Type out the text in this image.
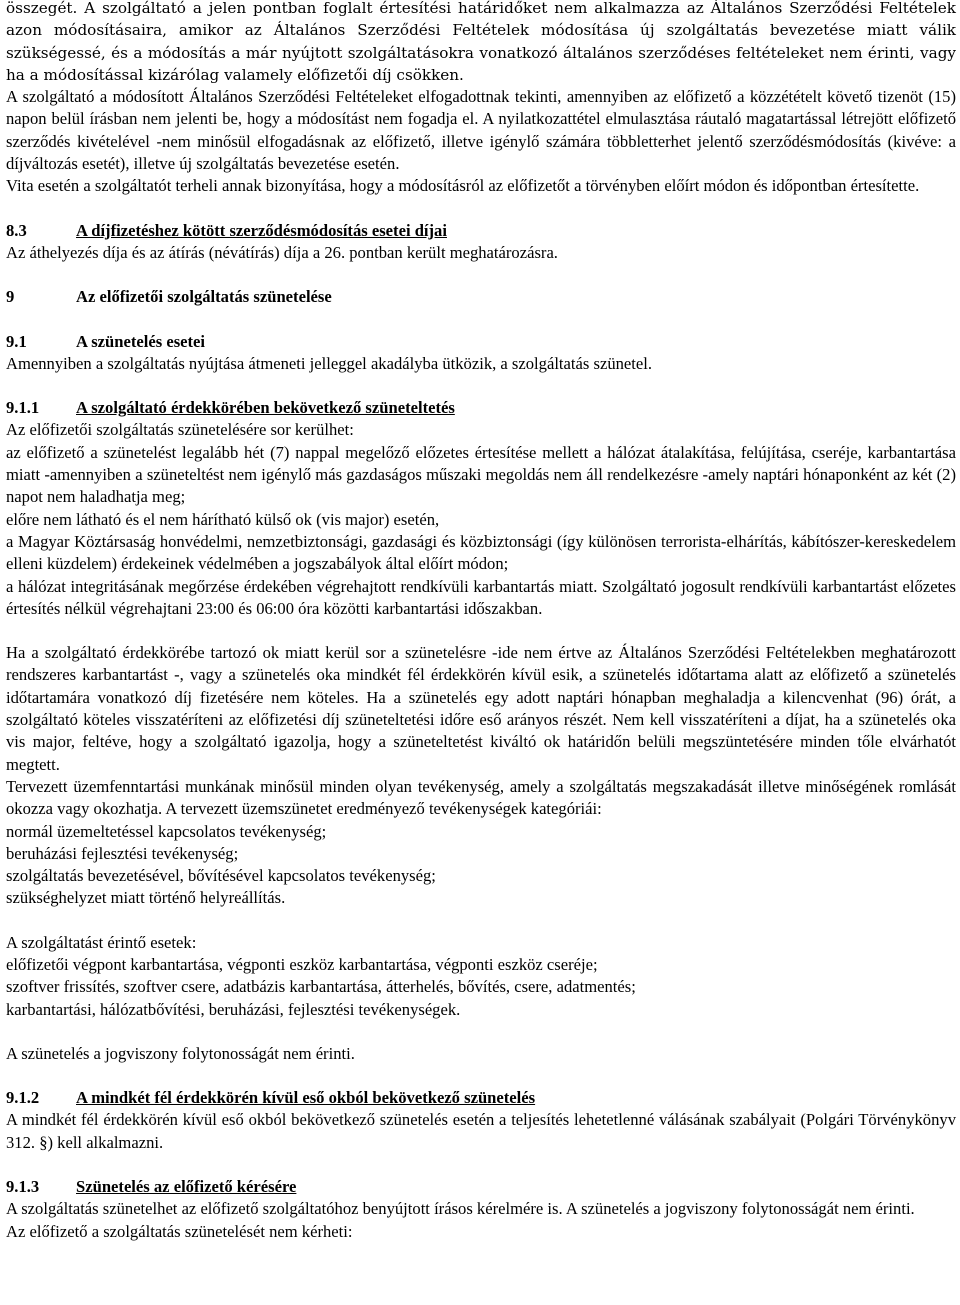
összegét. A szolgáltató a jelen pontban foglalt értesítési határidőket nem alkalmazza az Általános Szerződési Feltételek azon módosításaira, amikor az Általános Szerződési Feltételek módosítása új szolgáltatás bevezetése miatt válik szükségessé, és a módosítás a már nyújtott szolgáltatásokra vonatkozó általános szerződéses feltételeket nem érinti, vagy ha a módosítással kizárólag valamely előfizetői díj csökken.

A szolgáltató a módosított Általános Szerződési Feltételeket elfogadottnak tekinti, amennyiben az előfizető a közzétételt követő tizenöt (15) napon belül írásban nem jelenti be, hogy a módosítást nem fogadja el. A nyilatkozattétel elmulasztása ráutaló magatartással létrejött előfizető szerződés kivételével -nem minősül elfogadásnak az előfizető, illetve igénylő számára többletterhet jelentő szerződésmódosítás (kivéve: a díjváltozás esetét), illetve új szolgáltatás bevezetése esetén.

Vita esetén a szolgáltatót terheli annak bizonyítása, hogy a módosításról az előfizetőt a törvényben előírt módon és időpontban értesítette.

8.3	A díjfizetéshez kötött szerződésmódosítás esetei díjai

Az áthelyezés díja és az átírás (névátírás) díja a 26. pontban került meghatározásra.

9	Az előfizetői szolgáltatás szünetelése
9.1	A szünetelés esetei

Amennyiben a szolgáltatás nyújtása átmeneti jelleggel akadályba ütközik, a szolgáltatás szünetel.

9.1.1	A szolgáltató érdekkörében bekövetkező szüneteltetés

Az előfizetői szolgáltatás szünetelésére sor kerülhet:

az előfizető a szünetelést legalább hét (7) nappal megelőző előzetes értesítése mellett a hálózat átalakítása, felújítása, cseréje, karbantartása miatt -amennyiben a szüneteltést nem igénylő más gazdaságos műszaki megoldás nem áll rendelkezésre -amely naptári hónaponként az két (2) napot nem haladhatja meg;

előre nem látható és el nem hárítható külső ok (vis major) esetén,

a Magyar Köztársaság honvédelmi, nemzetbiztonsági, gazdasági és közbiztonsági (így különösen terrorista-elhárítás, kábítószer-kereskedelem elleni küzdelem) érdekeinek védelmében a jogszabályok által előírt módon;

a hálózat integritásának megőrzése érdekében végrehajtott rendkívüli karbantartás miatt. Szolgáltató jogosult rendkívüli karbantartást előzetes értesítés nélkül végrehajtani 23:00 és 06:00 óra közötti karbantartási időszakban.

Ha a szolgáltató érdekkörébe tartozó ok miatt kerül sor a szünetelésre -ide nem értve az Általános Szerződési Feltételekben meghatározott rendszeres karbantartást -, vagy a szünetelés oka mindkét fél érdekkörén kívül esik, a szünetelés időtartama alatt az előfizető a szünetelés időtartamára vonatkozó díj fizetésére nem köteles. Ha a szünetelés egy adott naptári hónapban meghaladja a kilencvenhat (96) órát, a szolgáltató köteles visszatéríteni az előfizetési díj szüneteltetési időre eső arányos részét. Nem kell visszatéríteni a díjat, ha a szünetelés oka vis major, feltéve, hogy a szolgáltató igazolja, hogy a szüneteltetést kiváltó ok határidőn belüli megszüntetésére minden tőle elvárhatót megtett.

Tervezett üzemfenntartási munkának minősül minden olyan tevékenység, amely a szolgáltatás megszakadását illetve minőségének romlását okozza vagy okozhatja. A tervezett üzemszünetet eredményező tevékenységek kategóriái:

normál üzemeltetéssel kapcsolatos tevékenység;

beruházási fejlesztési tevékenység;

szolgáltatás bevezetésével, bővítésével kapcsolatos tevékenység;

szükséghelyzet miatt történő helyreállítás.

A szolgáltatást érintő esetek:

előfizetői végpont karbantartása, végponti eszköz karbantartása, végponti eszköz cseréje;

szoftver frissítés, szoftver csere, adatbázis karbantartása, átterhelés, bővítés, csere, adatmentés;

karbantartási, hálózatbővítési, beruházási, fejlesztési tevékenységek.

A szünetelés a jogviszony folytonosságát nem érinti.

9.1.2	A mindkét fél érdekkörén kívül eső okból bekövetkező szünetelés

A mindkét fél érdekkörén kívül eső okból bekövetkező szünetelés esetén a teljesítés lehetetlenné válásának szabályait (Polgári Törvénykönyv 312. §) kell alkalmazni.

9.1.3	Szünetelés az előfizető kérésére

A szolgáltatás szünetelhet az előfizető szolgáltatóhoz benyújtott írásos kérelmére is. A szünetelés a jogviszony folytonosságát nem érinti.

Az előfizető a szolgáltatás szünetelését nem kérheti:
